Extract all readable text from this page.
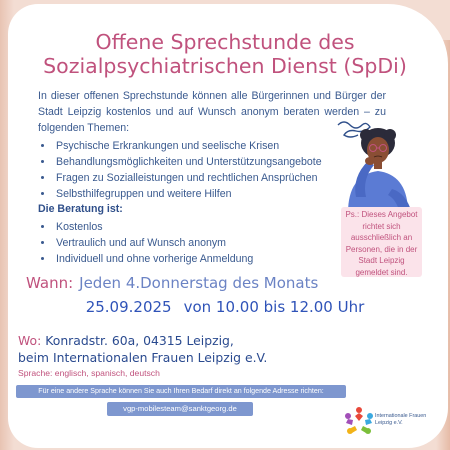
Offene Sprechstunde des
Sozialpsychiatrischen Dienst (SpDi)
In dieser offenen Sprechstunde können alle Bürgerinnen und Bürger der Stadt Leipzig kostenlos und auf Wunsch anonym beraten werden – zu folgenden Themen:
• Psychische Erkrankungen und seelische Krisen
• Behandlungsmöglichkeiten und Unterstützungsangebote
• Fragen zu Sozialleistungen und rechtlichen Ansprüchen
• Selbsthilfegruppen und weitere Hilfen
Die Beratung ist:
• Kostenlos
• Vertraulich und auf Wunsch anonym
• Individuell und ohne vorherige Anmeldung
Ps.: Dieses Angebot richtet sich ausschließlich an Personen, die in der Stadt Leipzig gemeldet sind.
Wann: Jeden 4.Donnerstag des Monats
25.09.2025 von 10.00 bis 12.00 Uhr
Wo: Konradstr. 60a, 04315 Leipzig,
beim Internationalen Frauen Leipzig e.V.
Sprache: englisch, spanisch, deutsch
Für eine andere Sprache können Sie auch Ihren Bedarf direkt an folgende Adresse richten:
vgp-mobilesteam@sanktgeorg.de
Internationale Frauen
Leipzig e.V.
